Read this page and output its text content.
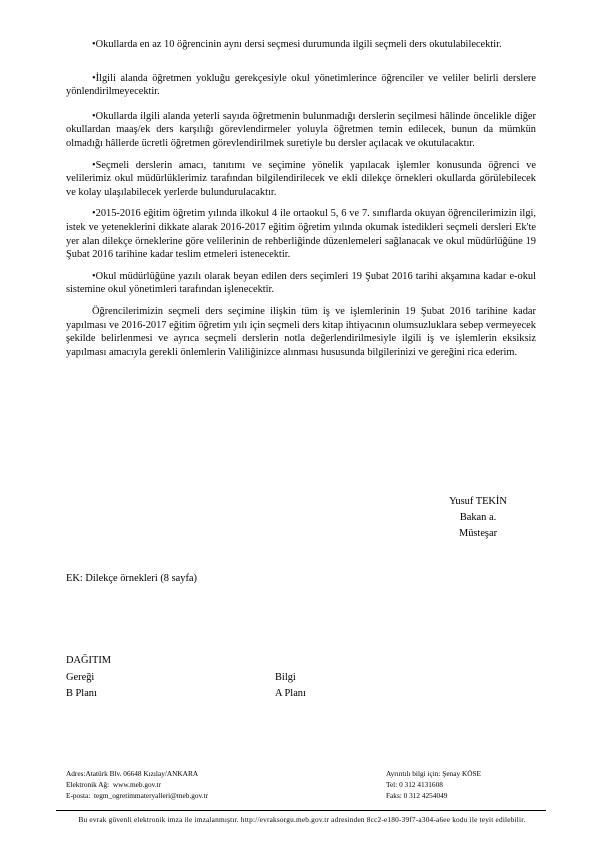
•Okullarda en az 10 öğrencinin aynı dersi seçmesi durumunda ilgili seçmeli ders okutulabilecektir.

•İlgili alanda öğretmen yokluğu gerekçesiyle okul yönetimlerince öğrenciler ve veliler belirli derslere yönlendirilmeyecektir.

•Okullarda ilgili alanda yeterli sayıda öğretmenin bulunmadığı derslerin seçilmesi hâlinde öncelikle diğer okullardan maaş/ek ders karşılığı görevlendirmeler yoluyla öğretmen temin edilecek, bunun da mümkün olmadığı hâllerde ücretli öğretmen görevlendirilmek suretiyle bu dersler açılacak ve okutulacaktır.

•Seçmeli derslerin amacı, tanıtımı ve seçimine yönelik yapılacak işlemler konusunda öğrenci ve velilerimiz okul müdürlüklerimiz tarafından bilgilendirilecek ve ekli dilekçe örnekleri okullarda görülebilecek ve kolay ulaşılabilecek yerlerde bulundurulacaktır.

•2015-2016 eğitim öğretim yılında ilkokul 4 ile ortaokul 5, 6 ve 7. sınıflarda okuyan öğrencilerimizin ilgi, istek ve yeteneklerini dikkate alarak 2016-2017 eğitim öğretim yılında okumak istedikleri seçmeli dersleri Ek'te yer alan dilekçe örneklerine göre velilerinin de rehberliğinde düzenlemeleri sağlanacak ve okul müdürlüğüne 19 Şubat 2016 tarihine kadar teslim etmeleri istenecektir.

•Okul müdürlüğüne yazılı olarak beyan edilen ders seçimleri 19 Şubat 2016 tarihi akşamına kadar e-okul sistemine okul yönetimleri tarafından işlenecektir.

Öğrencilerimizin seçmeli ders seçimine ilişkin tüm iş ve işlemlerinin 19 Şubat 2016 tarihine kadar yapılması ve 2016-2017 eğitim öğretim yılı için seçmeli ders kitap ihtiyacının olumsuzluklara sebep vermeyecek şekilde belirlenmesi ve ayrıca seçmeli derslerin notla değerlendirilmesiyle ilgili iş ve işlemlerin eksiksiz yapılması amacıyla gerekli önlemlerin Valiliğinizce alınması hususunda bilgilerinizi ve gereğini rica ederim.

Yusuf TEKİN
Bakan a.
Müsteşar
EK: Dilekçe örnekleri (8 sayfa)
DAĞITIM
Gereği	Bilgi
B Planı	A Planı
Adres:Atatürk Blv. 06648 Kızılay/ANKARA
Elektronik Ağ: www.meb.gov.tr
E-posta: tegm_ogretimmateryalleri@meb.gov.tr
Ayrıntılı bilgi için: Şenay KÖSE
Tel: 0 312 4131608
Faks: 0 312 4254049
Bu evrak güvenli elektronik imza ile imzalanmıştır. http://evraksorgu.meb.gov.tr adresinden 8cc2-e180-39f7-a304-a6ee kodu ile teyit edilebilir.
